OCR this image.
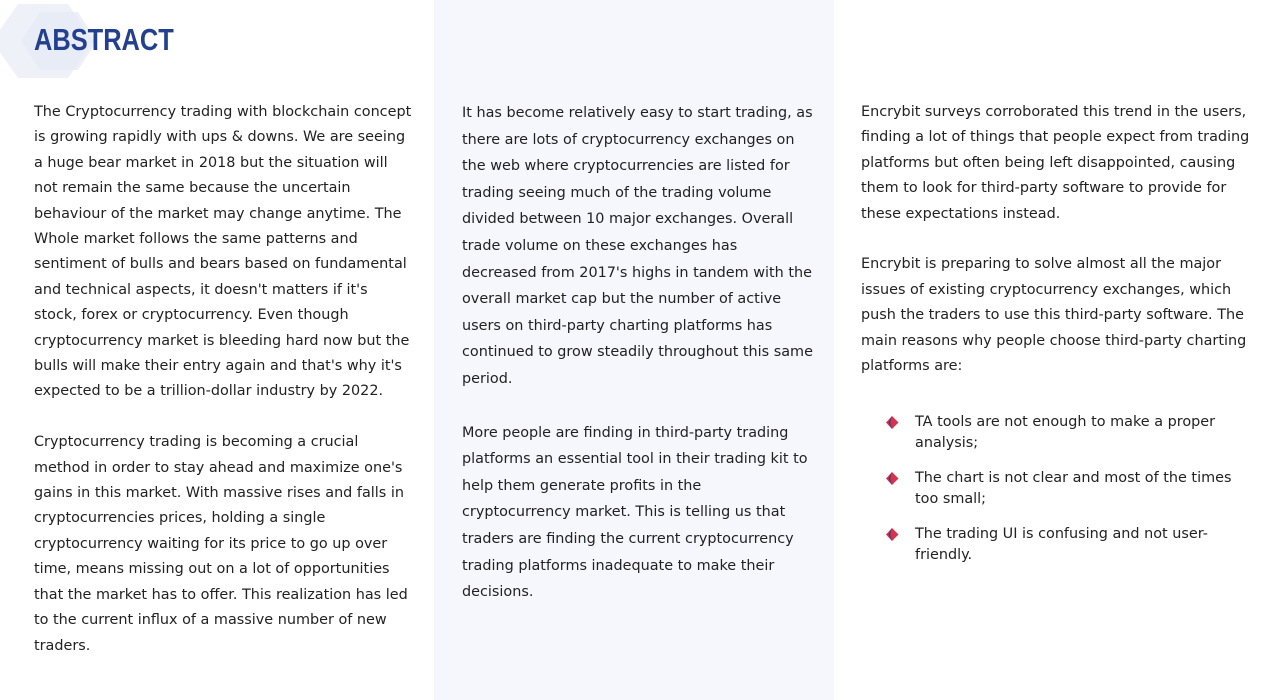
ABSTRACT

The Cryptocurrency trading with blockchain concept is growing rapidly with ups & downs. We are seeing a huge bear market in 2018 but the situation will not remain the same because the uncertain behaviour of the market may change anytime. The Whole market follows the same patterns and sentiment of bulls and bears based on fundamental and technical aspects, it doesn't matters if it's stock, forex or cryptocurrency. Even though cryptocurrency market is bleeding hard now but the bulls will make their entry again and that's why it's expected to be a trillion-dollar industry by 2022.

Cryptocurrency trading is becoming a crucial method in order to stay ahead and maximize one's gains in this market. With massive rises and falls in cryptocurrencies prices, holding a single cryptocurrency waiting for its price to go up over time, means missing out on a lot of opportunities that the market has to offer. This realization has led to the current influx of a massive number of new traders.

It has become relatively easy to start trading, as there are lots of cryptocurrency exchanges on the web where cryptocurrencies are listed for trading seeing much of the trading volume divided between 10 major exchanges. Overall trade volume on these exchanges has decreased from 2017's highs in tandem with the overall market cap but the number of active users on third-party charting platforms has continued to grow steadily throughout this same period.

More people are finding in third-party trading platforms an essential tool in their trading kit to help them generate profits in the cryptocurrency market. This is telling us that traders are finding the current cryptocurrency trading platforms inadequate to make their decisions.

Encrybit surveys corroborated this trend in the users, finding a lot of things that people expect from trading platforms but often being left disappointed, causing them to look for third-party software to provide for these expectations instead.

Encrybit is preparing to solve almost all the major issues of existing cryptocurrency exchanges, which push the traders to use this third-party software. The main reasons why people choose third-party charting platforms are:

TA tools are not enough to make a proper analysis;
The chart is not clear and most of the times too small;
The trading UI is confusing and not user-friendly.
